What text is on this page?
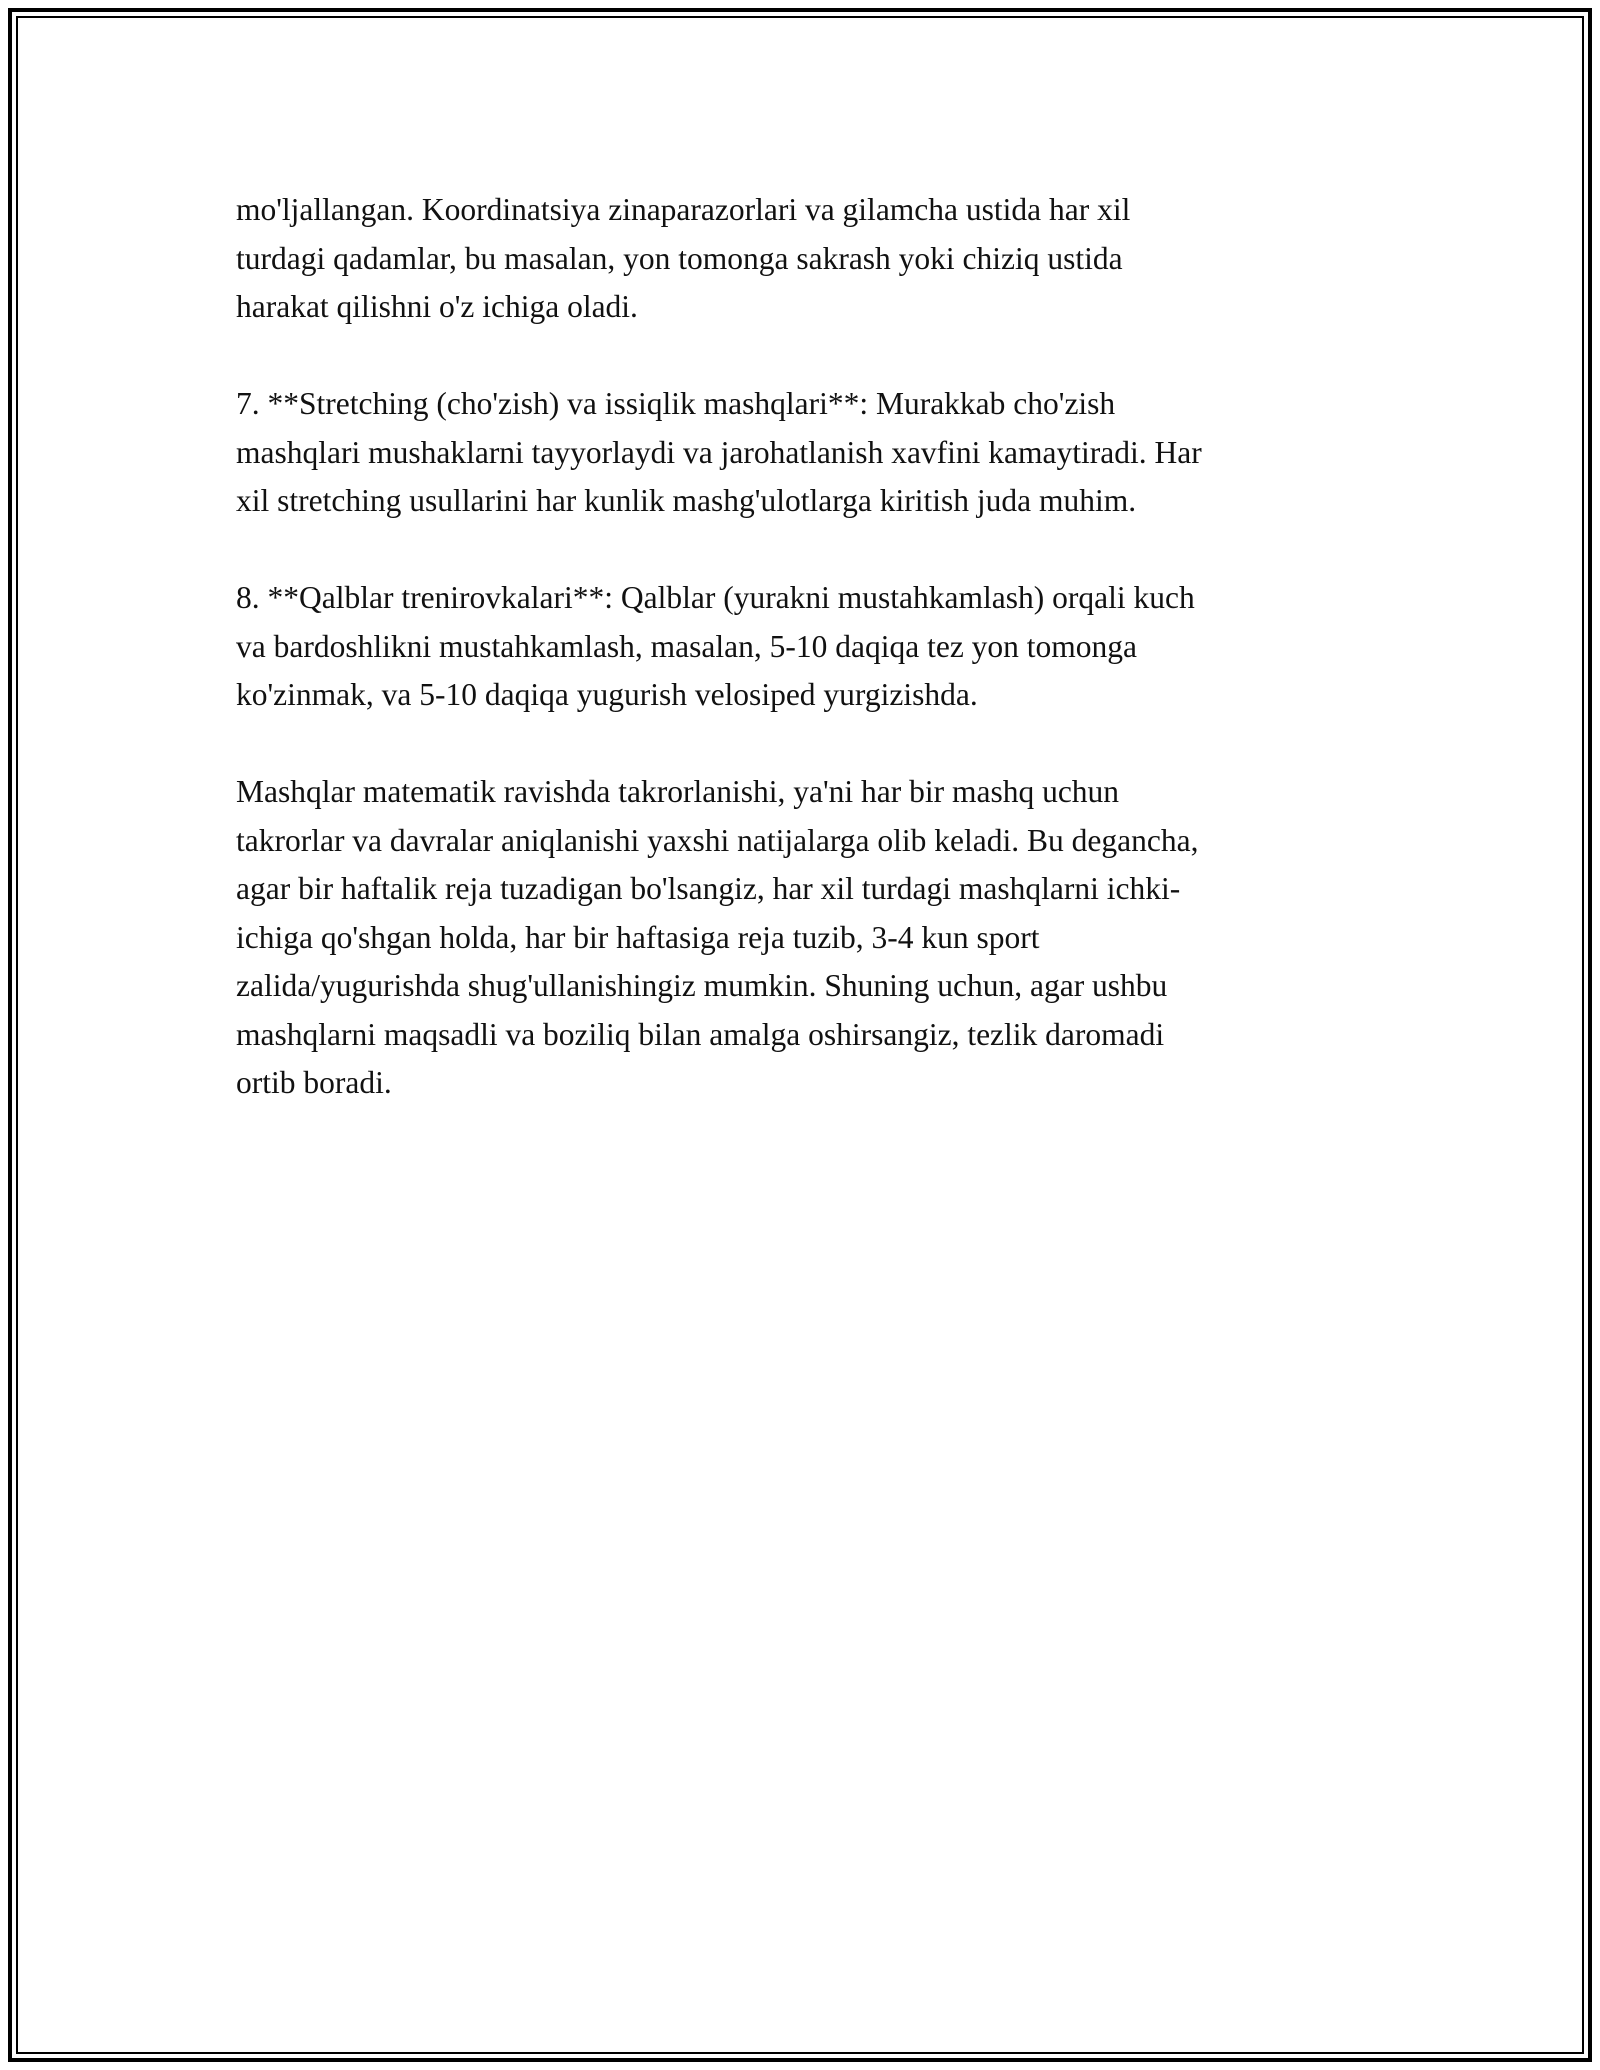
mo'ljallangan. Koordinatsiya zinaparazorlari va gilamcha ustida har xil
turdagi qadamlar, bu masalan, yon tomonga sakrash yoki chiziq ustida
harakat qilishni o'z ichiga oladi.

7. **Stretching (cho'zish) va issiqlik mashqlari**: Murakkab cho'zish
mashqlari mushaklarni tayyorlaydi va jarohatlanish xavfini kamaytiradi. Har
xil stretching usullarini har kunlik mashg'ulotlarga kiritish juda muhim.

8. **Qalblar trenirovkalari**: Qalblar (yurakni mustahkamlash) orqali kuch
va bardoshlikni mustahkamlash, masalan, 5-10 daqiqa tez yon tomonga
ko'zinmak, va 5-10 daqiqa yugurish velosiped yurgizishda.

Mashqlar matematik ravishda takrorlanishi, ya'ni har bir mashq uchun
takrorlar va davralar aniqlanishi yaxshi natijalarga olib keladi. Bu degancha,
agar bir haftalik reja tuzadigan bo'lsangiz, har xil turdagi mashqlarni ichki-
ichiga qo'shgan holda, har bir haftasiga reja tuzib, 3-4 kun sport
zalida/yugurishda shug'ullanishingiz mumkin. Shuning uchun, agar ushbu
mashqlarni maqsadli va boziliq bilan amalga oshirsangiz, tezlik daromadi
ortib boradi.
